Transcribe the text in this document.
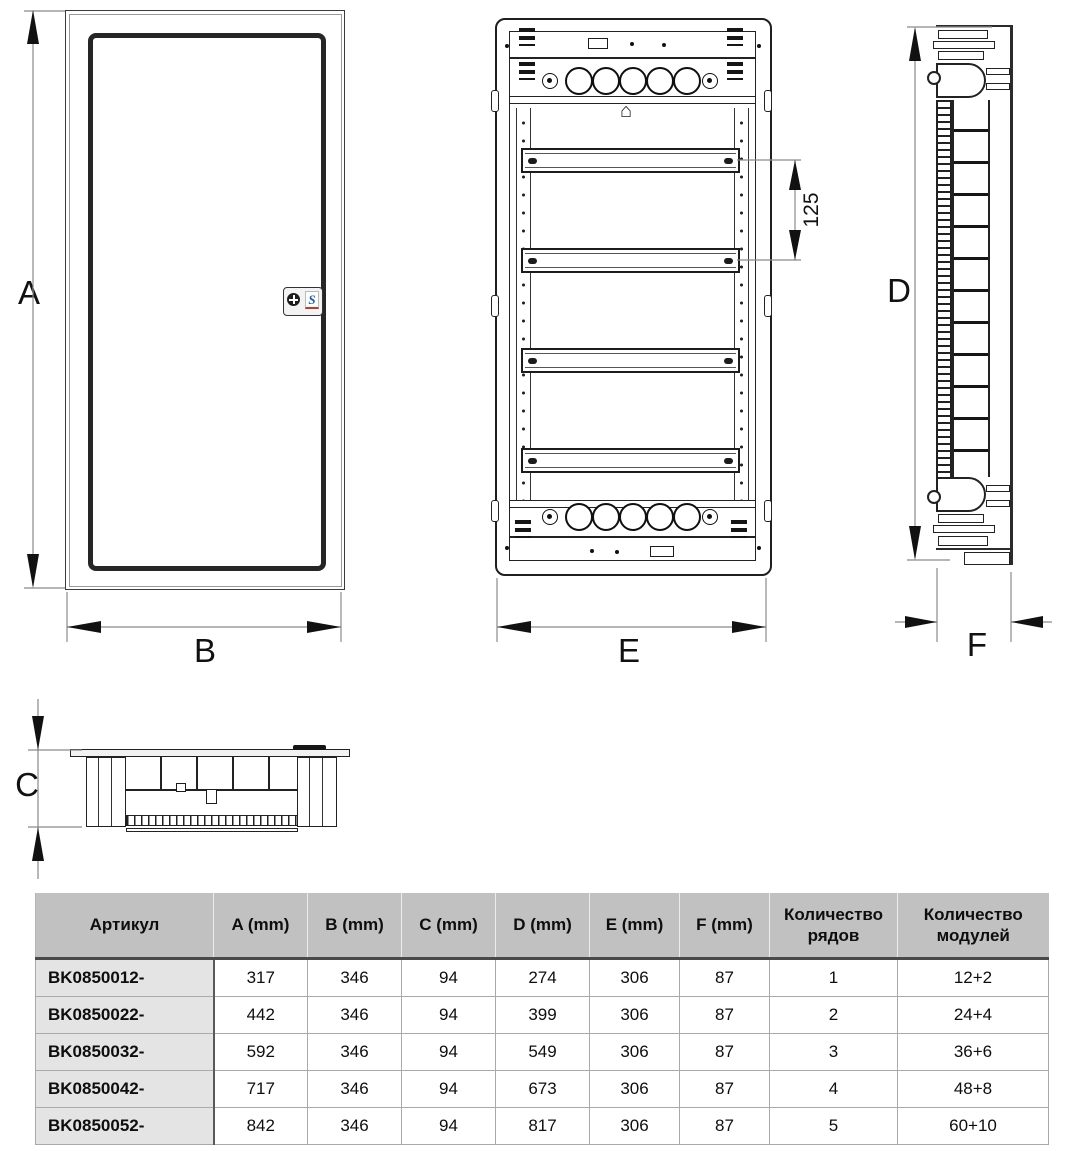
A
B
C
D
E	F
125
S
⌂
Артикул	A (mm)	B (mm)	C (mm)	D (mm)	E (mm)	F (mm)	Количество рядов	Количество модулей
BK0850012-	317	346	94	274	306	87	1	12+2
BK0850022-	442	346	94	399	306	87	2	24+4
BK0850032-	592	346	94	549	306	87	3	36+6
BK0850042-	717	346	94	673	306	87	4	48+8
BK0850052-	842	346	94	817	306	87	5	60+10
